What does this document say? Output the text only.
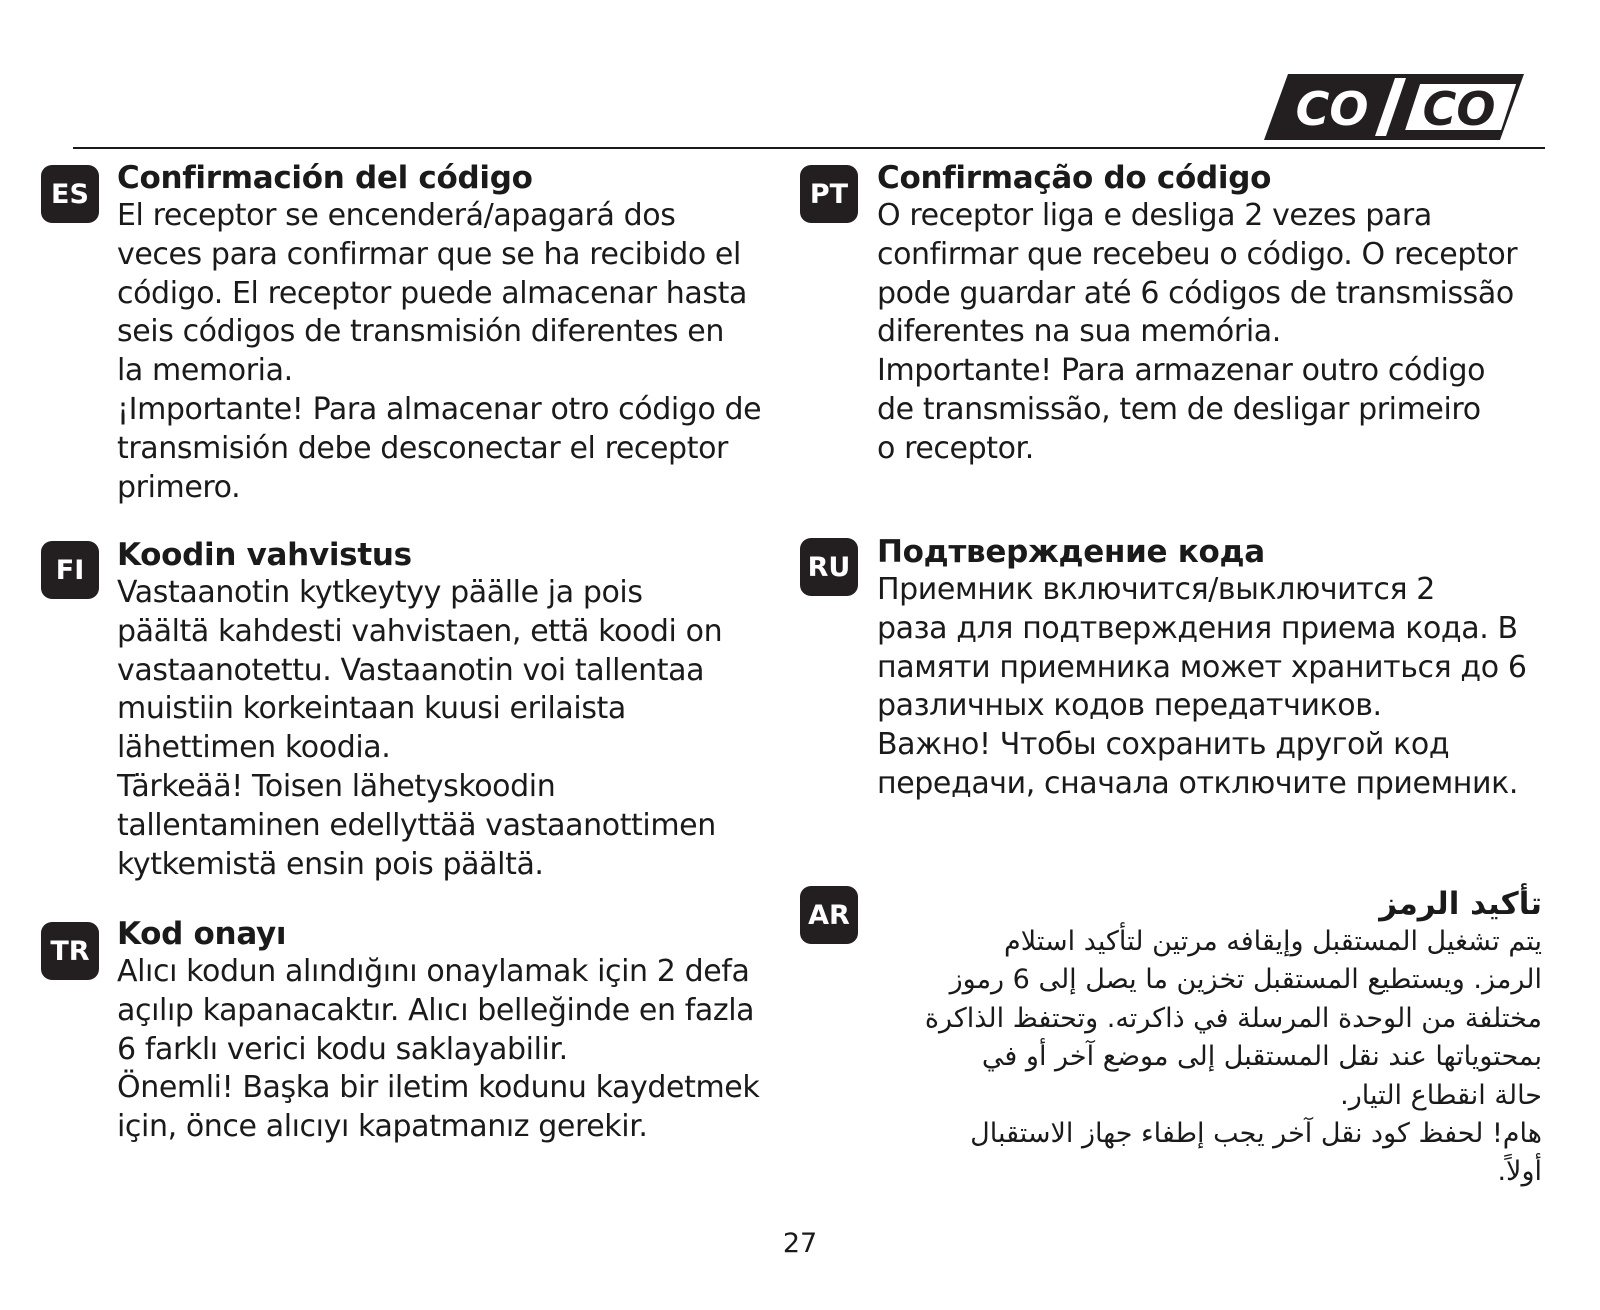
CO CO
ES Confirmación del código
El receptor se encenderá/apagará dos
veces para confirmar que se ha recibido el
código. El receptor puede almacenar hasta
seis códigos de transmisión diferentes en
la memoria.
¡Importante! Para almacenar otro código de
transmisión debe desconectar el receptor
primero.
PT Confirmação do código
O receptor liga e desliga 2 vezes para
confirmar que recebeu o código. O receptor
pode guardar até 6 códigos de transmissão
diferentes na sua memória.
Importante! Para armazenar outro código
de transmissão, tem de desligar primeiro
o receptor.
FI	Koodin vahvistus
Vastaanotin kytkeytyy päälle ja pois
päältä kahdesti vahvistaen, että koodi on
vastaanotettu. Vastaanotin voi tallentaa
muistiin korkeintaan kuusi erilaista
lähettimen koodia.
Tärkeää! Toisen lähetyskoodin
tallentaminen edellyttää vastaanottimen
kytkemistä ensin pois päältä.
RU Подтверждение кода
Приемник включится/выключится 2
раза для подтверждения приема кода. В
памяти приемника может храниться до 6
различных кодов передатчиков.
Важно! Чтобы сохранить другой код
передачи, сначала отключите приемник.
TR Kod onayı
Alıcı kodun alındığını onaylamak için 2 defa
açılıp kapanacaktır. Alıcı belleğinde en fazla
6 farklı verici kodu saklayabilir.
Önemli! Başka bir iletim kodunu kaydetmek
için, önce alıcıyı kapatmanız gerekir.
AR	تأكيد الرمز
يتم تشغيل المستقبل وإيقافه مرتين لتأكيد استلام
الرمز. ويستطيع المستقبل تخزين ما يصل إلى 6 رموز
مختلفة من الوحدة المرسلة في ذاكرته. وتحتفظ الذاكرة
بمحتوياتها عند نقل المستقبل إلى موضع آخر أو في
حالة انقطاع التيار.
هام! لحفظ كود نقل آخر يجب إطفاء جهاز الاستقبال
أولاً.
27
